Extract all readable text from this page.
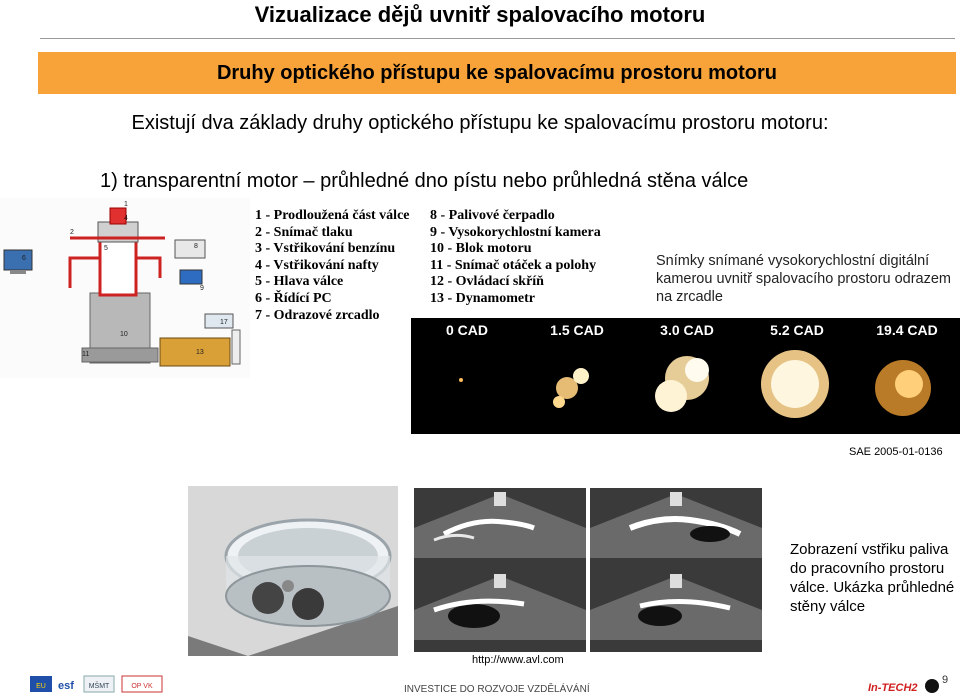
Vizualizace dějů uvnitř spalovacího motoru
Druhy optického přístupu ke spalovacímu prostoru motoru
Existují dva základy druhy optického přístupu ke spalovacímu prostoru motoru:
1) transparentní motor – průhledné dno pístu nebo průhledná stěna válce
1
2
4
5
6
8
9
10
11	13
17
1 - Prodloužená část válce
2 - Snímač tlaku
3 - Vstřikování benzínu
4 - Vstřikování nafty
5 - Hlava válce
6 - Řídící PC
7 - Odrazové zrcadlo
8 - Palivové čerpadlo
9 - Vysokorychlostní kamera
10 - Blok motoru
11 - Snímač otáček a polohy
12 - Ovládací skříň
13 - Dynamometr
Snímky snímané vysokorychlostní digitální kamerou uvnitř spalovacího prostoru odrazem na zrcadle
0 CAD	1.5 CAD	3.0 CAD	5.2 CAD	19.4 CAD
SAE 2005-01-0136
http://www.avl.com
Zobrazení vstřiku paliva do pracovního prostoru válce. Ukázka průhledné stěny válce
EU esf MŠMT	OP VK	INVESTICE DO ROZVOJE VZDĚLÁVÁNÍ	In-TECH2
9
